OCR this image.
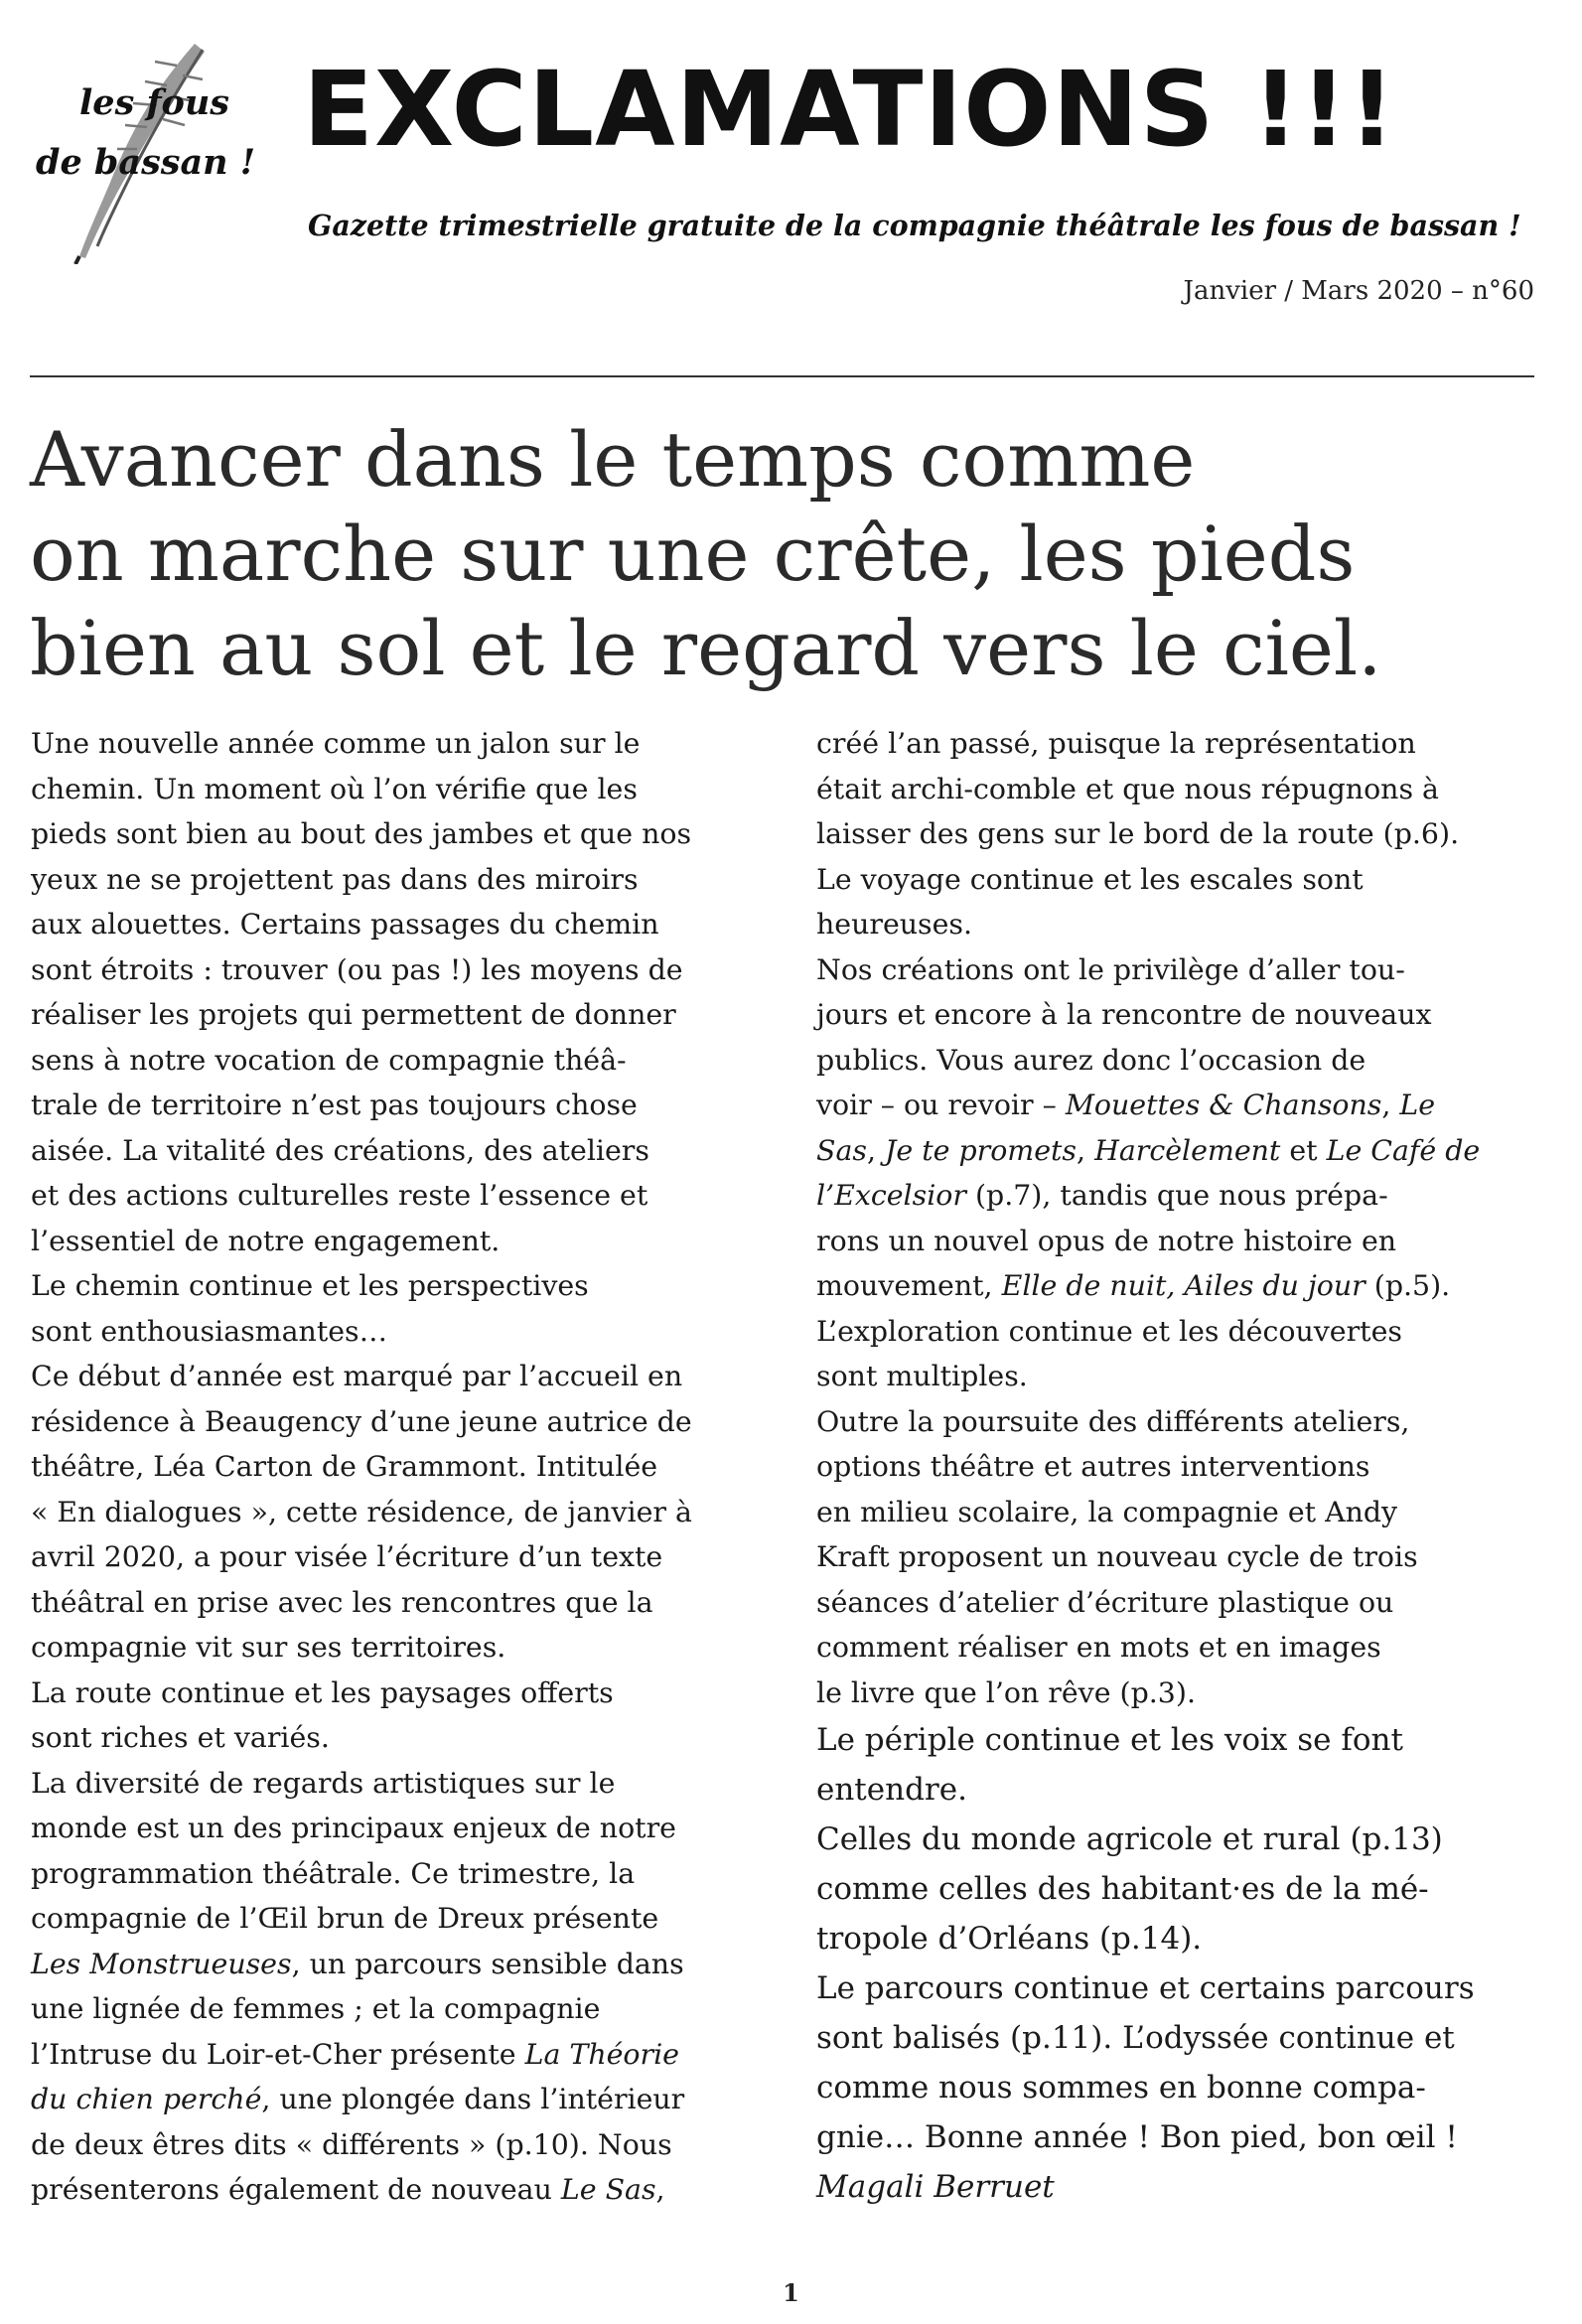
les fous
de bassan ! EXCLAMATIONS !!!
Gazette trimestrielle gratuite de la compagnie théâtrale les fous de bassan !
Janvier / Mars 2020 – n°60
Avancer dans le temps comme
on marche sur une crête, les pieds
bien au sol et le regard vers le ciel.
Une nouvelle année comme un jalon sur le
chemin. Un moment où l’on vérifie que les
pieds sont bien au bout des jambes et que nos
yeux ne se projettent pas dans des miroirs
aux alouettes. Certains passages du chemin
sont étroits : trouver (ou pas !) les moyens de
réaliser les projets qui permettent de donner
sens à notre vocation de compagnie théâ-
trale de territoire n’est pas toujours chose
aisée. La vitalité des créations, des ateliers
et des actions culturelles reste l’essence et
l’essentiel de notre engagement.
Le chemin continue et les perspectives
sont enthousiasmantes…
Ce début d’année est marqué par l’accueil en
résidence à Beaugency d’une jeune autrice de
théâtre, Léa Carton de Grammont. Intitulée
« En dialogues », cette résidence, de janvier à
avril 2020, a pour visée l’écriture d’un texte
théâtral en prise avec les rencontres que la
compagnie vit sur ses territoires.
La route continue et les paysages offerts
sont riches et variés.
La diversité de regards artistiques sur le
monde est un des principaux enjeux de notre
programmation théâtrale. Ce trimestre, la
compagnie de l’Œil brun de Dreux présente
Les Monstrueuses, un parcours sensible dans
une lignée de femmes ; et la compagnie
l’Intruse du Loir-et-Cher présente La Théorie
du chien perché, une plongée dans l’intérieur
de deux êtres dits « différents » (p.10). Nous
présenterons également de nouveau Le Sas,
créé l’an passé, puisque la représentation
était archi-comble et que nous répugnons à
laisser des gens sur le bord de la route (p.6).
Le voyage continue et les escales sont
heureuses.
Nos créations ont le privilège d’aller tou-
jours et encore à la rencontre de nouveaux
publics. Vous aurez donc l’occasion de
voir – ou revoir – Mouettes & Chansons, Le
Sas, Je te promets, Harcèlement et Le Café de
l’Excelsior (p.7), tandis que nous prépa-
rons un nouvel opus de notre histoire en
mouvement, Elle de nuit, Ailes du jour (p.5).
L’exploration continue et les découvertes
sont multiples.
Outre la poursuite des différents ateliers,
options théâtre et autres interventions
en milieu scolaire, la compagnie et Andy
Kraft proposent un nouveau cycle de trois
séances d’atelier d’écriture plastique ou
comment réaliser en mots et en images
le livre que l’on rêve (p.3).
Le périple continue et les voix se font
entendre.
Celles du monde agricole et rural (p.13)
comme celles des habitant·es de la mé-
tropole d’Orléans (p.14).
Le parcours continue et certains parcours
sont balisés (p.11). L’odyssée continue et
comme nous sommes en bonne compa-
gnie… Bonne année ! Bon pied, bon œil !
Magali Berruet
1
